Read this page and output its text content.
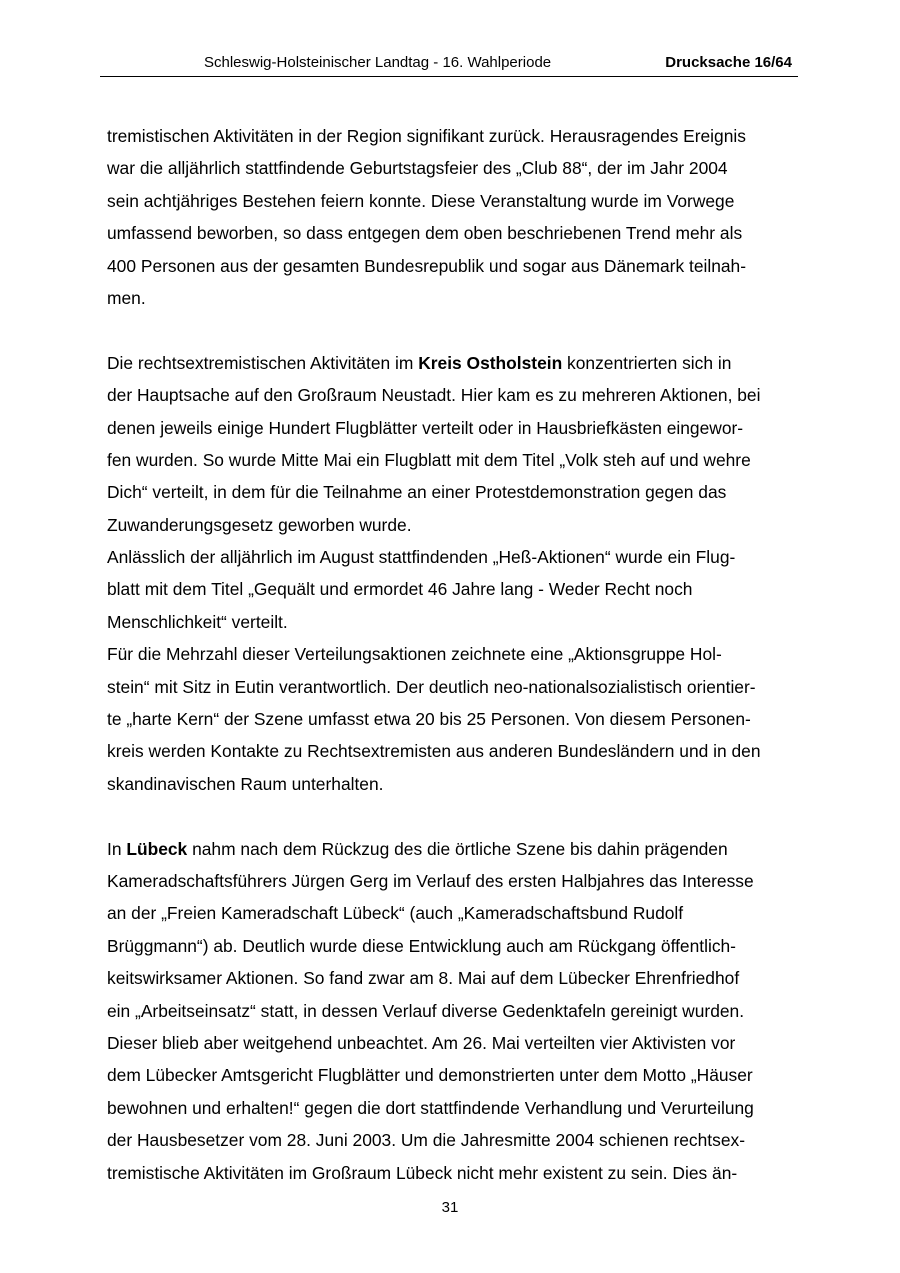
Schleswig-Holsteinischer Landtag - 16. Wahlperiode	Drucksache 16/64
tremistischen Aktivitäten in der Region signifikant zurück. Herausragendes Ereignis
war die alljährlich stattfindende Geburtstagsfeier des „Club 88“, der im Jahr 2004
sein achtjähriges Bestehen feiern konnte. Diese Veranstaltung wurde im Vorwege
umfassend beworben, so dass entgegen dem oben beschriebenen Trend mehr als
400 Personen aus der gesamten Bundesrepublik und sogar aus Dänemark teilnah-
men.
Die rechtsextremistischen Aktivitäten im Kreis Ostholstein konzentrierten sich in
der Hauptsache auf den Großraum Neustadt. Hier kam es zu mehreren Aktionen, bei
denen jeweils einige Hundert Flugblätter verteilt oder in Hausbriefkästen eingewor-
fen wurden. So wurde Mitte Mai ein Flugblatt mit dem Titel „Volk steh auf und wehre
Dich“ verteilt, in dem für die Teilnahme an einer Protestdemonstration gegen das
Zuwanderungsgesetz geworben wurde.
Anlässlich der alljährlich im August stattfindenden „Heß-Aktionen“ wurde ein Flug-
blatt mit dem Titel „Gequält und ermordet 46 Jahre lang - Weder Recht noch
Menschlichkeit“ verteilt.
Für die Mehrzahl dieser Verteilungsaktionen zeichnete eine „Aktionsgruppe Hol-
stein“ mit Sitz in Eutin verantwortlich. Der deutlich neo-nationalsozialistisch orientier-
te „harte Kern“ der Szene umfasst etwa 20 bis 25 Personen. Von diesem Personen-
kreis werden Kontakte zu Rechtsextremisten aus anderen Bundesländern und in den
skandinavischen Raum unterhalten.
In Lübeck nahm nach dem Rückzug des die örtliche Szene bis dahin prägenden
Kameradschaftsführers Jürgen Gerg im Verlauf des ersten Halbjahres das Interesse
an der „Freien Kameradschaft Lübeck“ (auch „Kameradschaftsbund Rudolf
Brüggmann“) ab. Deutlich wurde diese Entwicklung auch am Rückgang öffentlich-
keitswirksamer Aktionen. So fand zwar am 8. Mai auf dem Lübecker Ehrenfriedhof
ein „Arbeitseinsatz“ statt, in dessen Verlauf diverse Gedenktafeln gereinigt wurden.
Dieser blieb aber weitgehend unbeachtet. Am 26. Mai verteilten vier Aktivisten vor
dem Lübecker Amtsgericht Flugblätter und demonstrierten unter dem Motto „Häuser
bewohnen und erhalten!“ gegen die dort stattfindende Verhandlung und Verurteilung
der Hausbesetzer vom 28. Juni 2003. Um die Jahresmitte 2004 schienen rechtsex-
tremistische Aktivitäten im Großraum Lübeck nicht mehr existent zu sein. Dies än-
31
